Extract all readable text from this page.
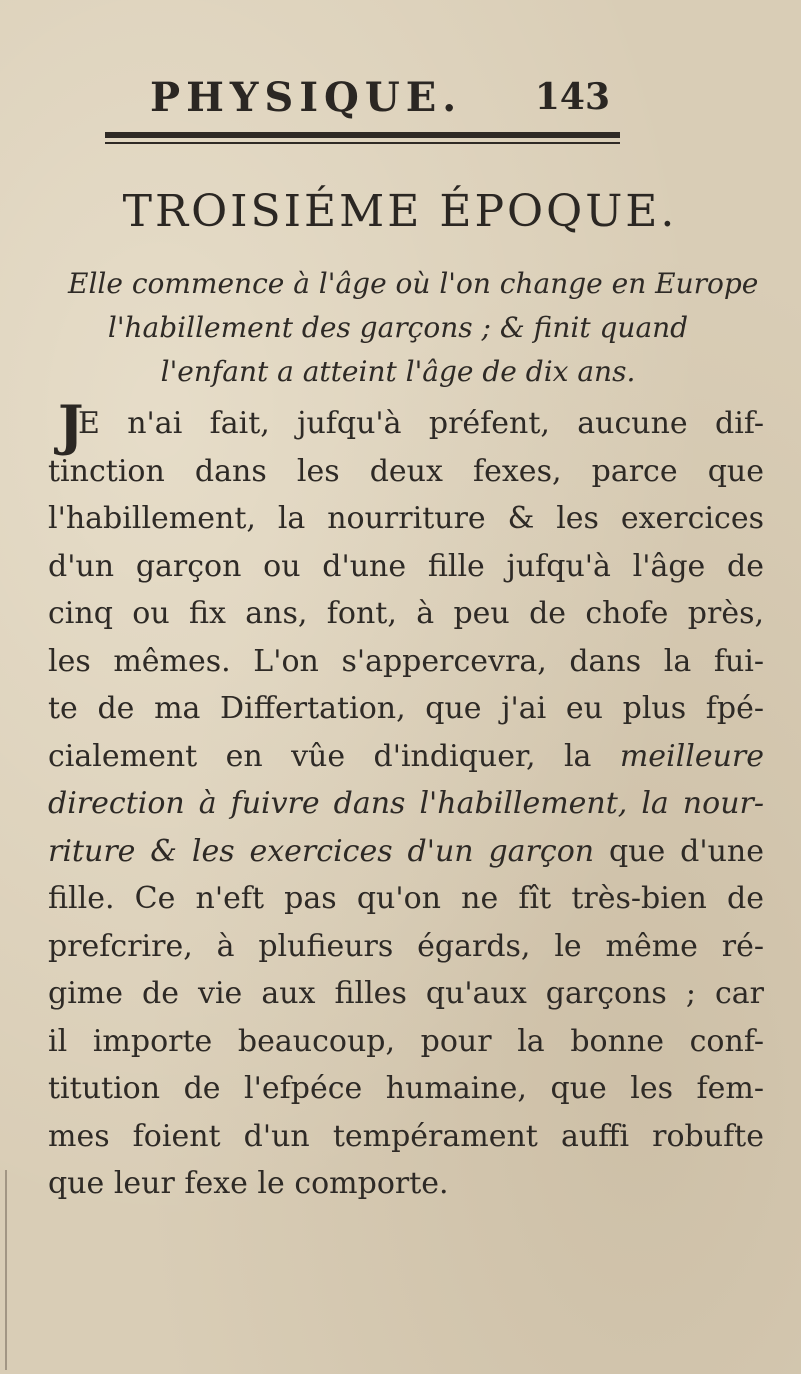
PHYSIQUE. 143
TROISIÉME ÉPOQUE.
Elle commence à l'âge où l'on change en Europe
l'habillement des garçons ; & finit quand
l'enfant a atteint l'âge de dix ans.
J
E n'ai fait, jufqu'à préfent, aucune dif-
tinction dans les deux fexes, parce que
l'habillement, la nourriture & les exercices
d'un garçon ou d'une fille jufqu'à l'âge de
cinq ou fix ans, font, à peu de chofe près,
les mêmes. L'on s'appercevra, dans la fui-
te de ma Differtation, que j'ai eu plus fpé-
cialement en vûe d'indiquer, la meilleure
direction à fuivre dans l'habillement, la nour-
riture & les exercices d'un garçon que d'une
fille. Ce n'eft pas qu'on ne fît très-bien de
prefcrire, à plufieurs égards, le même ré-
gime de vie aux filles qu'aux garçons ; car
il importe beaucoup, pour la bonne conf-
titution de l'efpéce humaine, que les fem-
mes foient d'un tempérament auffi robufte
que leur fexe le comporte.
